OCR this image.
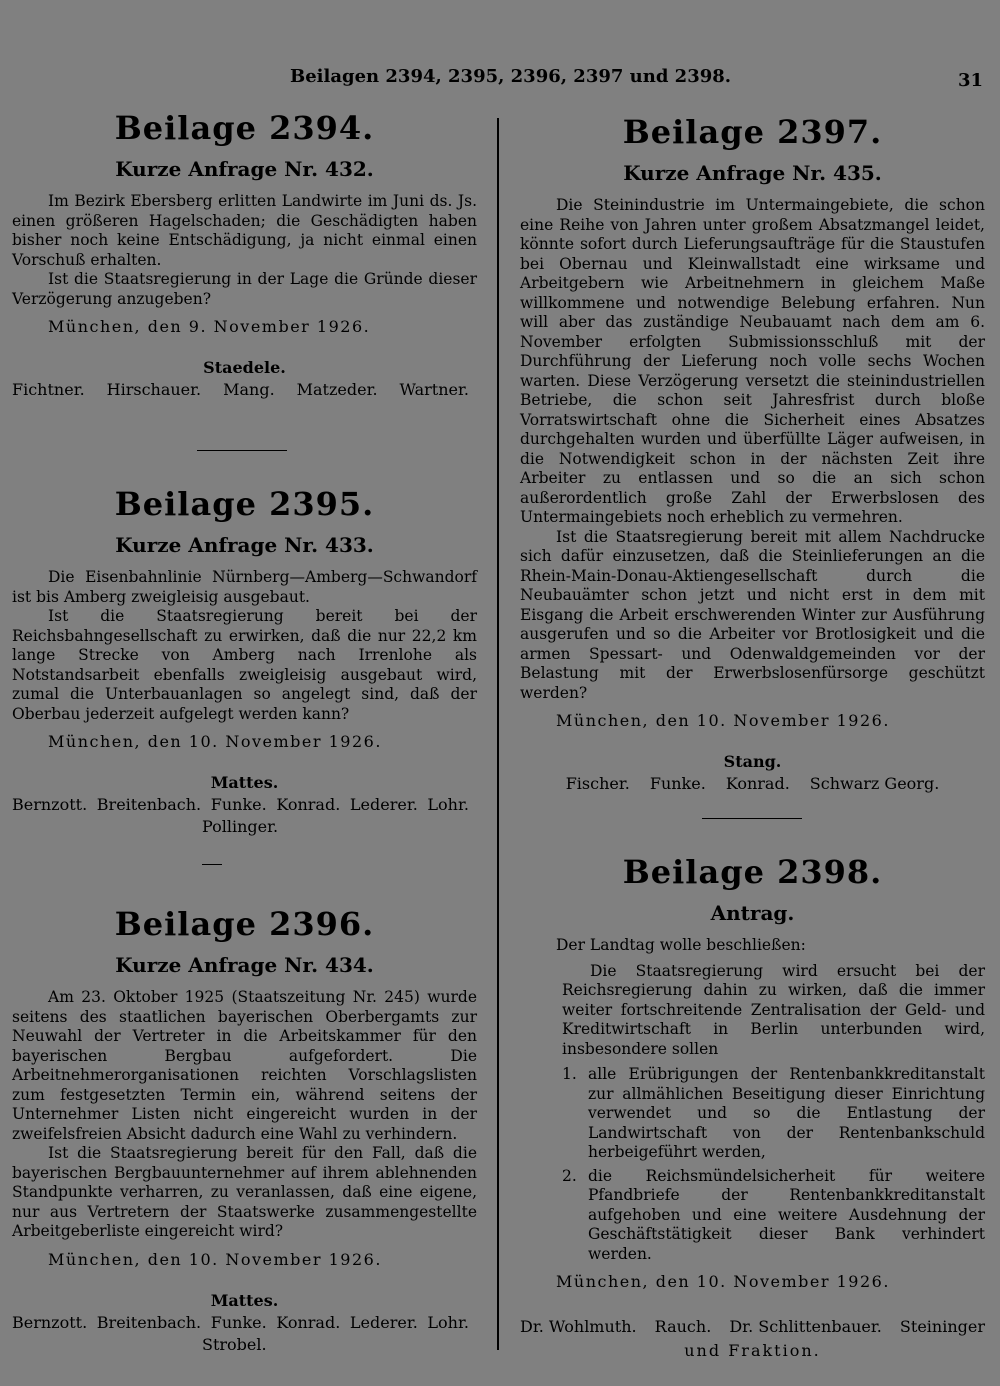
Beilagen 2394, 2395, 2396, 2397 und 2398.	31
Beilage 2394.
Kurze Anfrage Nr. 432.

Im Bezirk Ebersberg erlitten Landwirte im Juni ds. Js. einen größeren Hagelschaden; die Geschädigten haben bisher noch keine Entschädigung, ja nicht einmal einen Vorschuß erhalten.

Ist die Staatsregierung in der Lage die Gründe dieser Verzögerung anzugeben?

München, den 9. November 1926.
Staedele.
Fichtner. Hirschauer. Mang. Matzeder. Wartner.
Beilage 2395.
Kurze Anfrage Nr. 433.

Die Eisenbahnlinie Nürnberg—Amberg—Schwandorf ist bis Amberg zweigleisig ausgebaut.

Ist die Staatsregierung bereit bei der Reichsbahngesellschaft zu erwirken, daß die nur 22,2 km lange Strecke von Amberg nach Irrenlohe als Notstandsarbeit ebenfalls zweigleisig ausgebaut wird, zumal die Unterbauanlagen so angelegt sind, daß der Oberbau jederzeit aufgelegt werden kann?

München, den 10. November 1926.
Mattes.
Bernzott. Breitenbach. Funke. Konrad. Lederer. Lohr.
Pollinger.
Beilage 2396.
Kurze Anfrage Nr. 434.

Am 23. Oktober 1925 (Staatszeitung Nr. 245) wurde seitens des staatlichen bayerischen Oberbergamts zur Neuwahl der Vertreter in die Arbeitskammer für den bayerischen Bergbau aufgefordert. Die Arbeitnehmerorganisationen reichten Vorschlagslisten zum festgesetzten Termin ein, während seitens der Unternehmer Listen nicht eingereicht wurden in der zweifelsfreien Absicht dadurch eine Wahl zu verhindern.

Ist die Staatsregierung bereit für den Fall, daß die bayerischen Bergbauunternehmer auf ihrem ablehnenden Standpunkte verharren, zu veranlassen, daß eine eigene, nur aus Vertretern der Staatswerke zusammengestellte Arbeitgeberliste eingereicht wird?

München, den 10. November 1926.
Mattes.
Bernzott. Breitenbach. Funke. Konrad. Lederer. Lohr.
Strobel.
Beilage 2397.
Kurze Anfrage Nr. 435.

Die Steinindustrie im Untermaingebiete, die schon eine Reihe von Jahren unter großem Absatzmangel leidet, könnte sofort durch Lieferungsaufträge für die Staustufen bei Obernau und Kleinwallstadt eine wirksame und Arbeitgebern wie Arbeitnehmern in gleichem Maße willkommene und notwendige Belebung erfahren. Nun will aber das zuständige Neubauamt nach dem am 6. November erfolgten Submissionsschluß mit der Durchführung der Lieferung noch volle sechs Wochen warten. Diese Verzögerung versetzt die steinindustriellen Betriebe, die schon seit Jahresfrist durch bloße Vorratswirtschaft ohne die Sicherheit eines Absatzes durchgehalten wurden und überfüllte Läger aufweisen, in die Notwendigkeit schon in der nächsten Zeit ihre Arbeiter zu entlassen und so die an sich schon außerordentlich große Zahl der Erwerbslosen des Untermaingebiets noch erheblich zu vermehren.

Ist die Staatsregierung bereit mit allem Nachdrucke sich dafür einzusetzen, daß die Steinlieferungen an die Rhein-Main-Donau-Aktiengesellschaft durch die Neubauämter schon jetzt und nicht erst in dem mit Eisgang die Arbeit erschwerenden Winter zur Ausführung ausgerufen und so die Arbeiter vor Brotlosigkeit und die armen Spessart- und Odenwaldgemeinden vor der Belastung mit der Erwerbslosenfürsorge geschützt werden?

München, den 10. November 1926.
Stang.
Fischer. Funke. Konrad. Schwarz Georg.
Beilage 2398.
Antrag.
Der Landtag wolle beschließen:

Die Staatsregierung wird ersucht bei der Reichsregierung dahin zu wirken, daß die immer weiter fortschreitende Zentralisation der Geld- und Kreditwirtschaft in Berlin unterbunden wird, insbesondere sollen

1. alle Erübrigungen der Rentenbankkreditanstalt zur allmählichen Beseitigung dieser Einrichtung verwendet und so die Entlastung der Landwirtschaft von der Rentenbankschuld herbeigeführt werden,
2. die Reichsmündelsicherheit für weitere Pfandbriefe der Rentenbankkreditanstalt aufgehoben und eine weitere Ausdehnung der Geschäftstätigkeit dieser Bank verhindert werden.
München, den 10. November 1926.
Dr. Wohlmuth. Rauch. Dr. Schlittenbauer. Steininger
und Fraktion.
